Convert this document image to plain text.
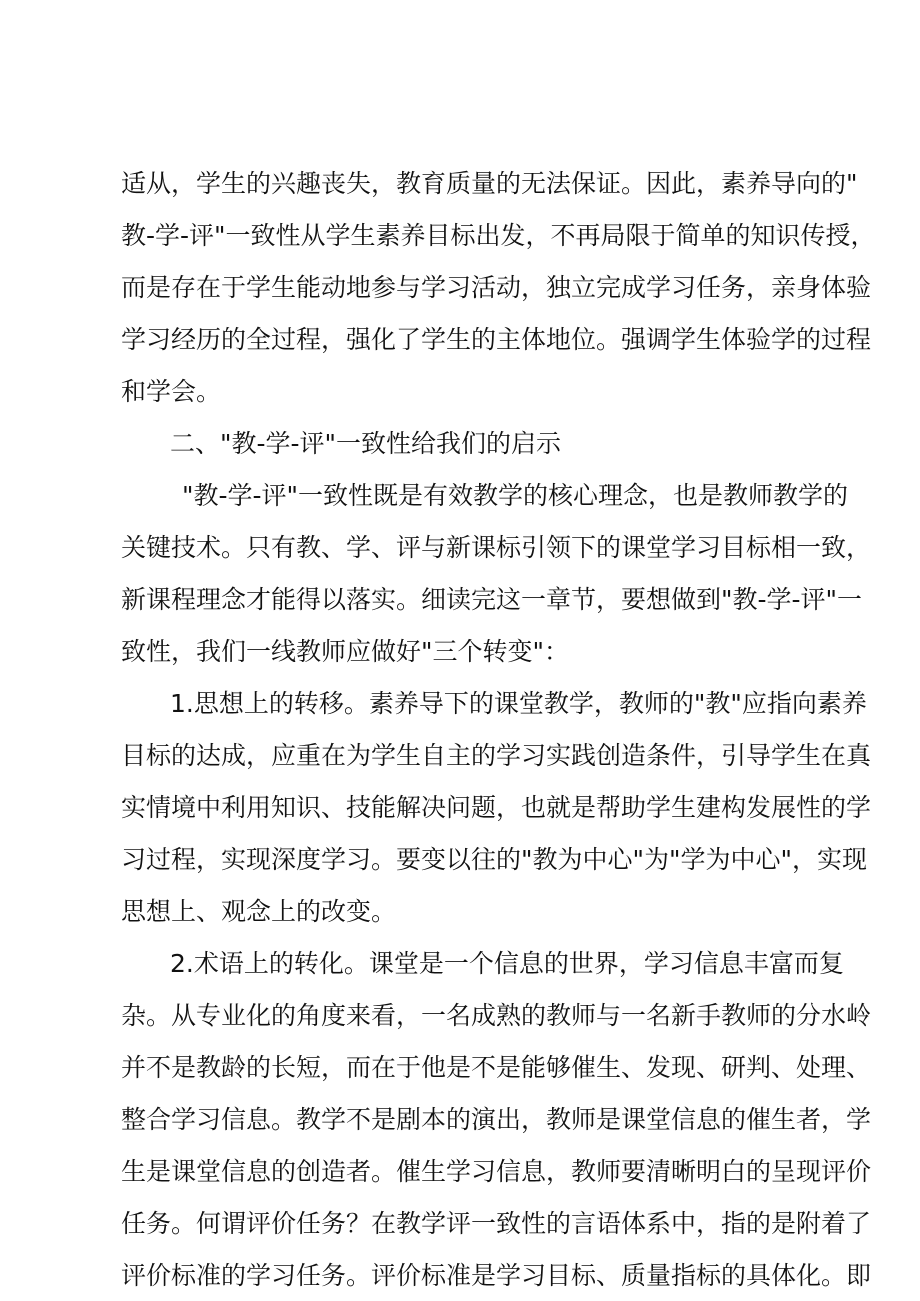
适从，学生的兴趣丧失，教育质量的无法保证。因此，素养导向的"
教-学-评"一致性从学生素养目标出发，不再局限于简单的知识传授，
而是存在于学生能动地参与学习活动，独立完成学习任务，亲身体验
学习经历的全过程，强化了学生的主体地位。强调学生体验学的过程
和学会。
二、"教-学-评"一致性给我们的启示
"教-学-评"一致性既是有效教学的核心理念，也是教师教学的
关键技术。只有教、学、评与新课标引领下的课堂学习目标相一致，
新课程理念才能得以落实。细读完这一章节，要想做到"教-学-评"一
致性，我们一线教师应做好"三个转变"：
1.思想上的转移。素养导下的课堂教学，教师的"教"应指向素养
目标的达成，应重在为学生自主的学习实践创造条件，引导学生在真
实情境中利用知识、技能解决问题，也就是帮助学生建构发展性的学
习过程，实现深度学习。要变以往的"教为中心"为"学为中心"，实现
思想上、观念上的改变。
2.术语上的转化。课堂是一个信息的世界，学习信息丰富而复
杂。从专业化的角度来看，一名成熟的教师与一名新手教师的分水岭
并不是教龄的长短，而在于他是不是能够催生、发现、研判、处理、
整合学习信息。教学不是剧本的演出，教师是课堂信息的催生者，学
生是课堂信息的创造者。催生学习信息，教师要清晰明白的呈现评价
任务。何谓评价任务？在教学评一致性的言语体系中，指的是附着了
评价标准的学习任务。评价标准是学习目标、质量指标的具体化。即
